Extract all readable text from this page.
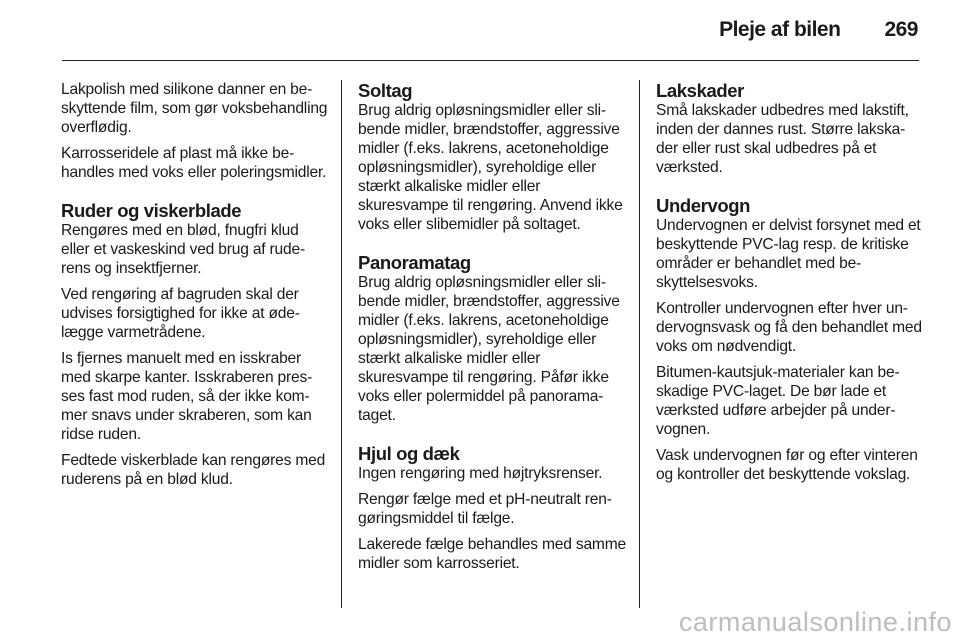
Pleje af bilen 269

Lakpolish med silikone danner en beskyttende film, som gør voksbehandling overflødig.

Karrosseridele af plast må ikke behandles med voks eller poleringsmidler.

Ruder og viskerblade

Rengøres med en blød, fnugfri klud eller et vaskeskind ved brug af ruderens og insektfjerner.

Ved rengøring af bagruden skal der udvises forsigtighed for ikke at ødelægge varmetrådene.

Is fjernes manuelt med en isskraber med skarpe kanter. Isskraberen presses fast mod ruden, så der ikke kommer snavs under skraberen, som kan ridse ruden.

Fedtede viskerblade kan rengøres med ruderens på en blød klud.

Soltag

Brug aldrig opløsningsmidler eller slibende midler, brændstoffer, aggressive midler (f.eks. lakrens, acetoneholdige opløsningsmidler), syreholdige eller stærkt alkaliske midler eller skuresvampe til rengøring. Anvend ikke voks eller slibemidler på soltaget.

Panoramatag

Brug aldrig opløsningsmidler eller slibende midler, brændstoffer, aggressive midler (f.eks. lakrens, acetoneholdige opløsningsmidler), syreholdige eller stærkt alkaliske midler eller skuresvampe til rengøring. Påfør ikke voks eller polermiddel på panoramataget.

Hjul og dæk

Ingen rengøring med højtryksrenser.

Rengør fælge med et pH-neutralt rengøringsmiddel til fælge.

Lakerede fælge behandles med samme midler som karrosseriet.

Lakskader

Små lakskader udbedres med lakstift, inden der dannes rust. Større lakskader eller rust skal udbedres på et værksted.

Undervogn

Undervognen er delvist forsynet med et beskyttende PVC-lag resp. de kritiske områder er behandlet med beskyttelsesvoks.

Kontroller undervognen efter hver undervognsvask og få den behandlet med voks om nødvendigt.

Bitumen-kautsjuk-materialer kan beskadige PVC-laget. De bør lade et værksted udføre arbejder på undervognen.

Vask undervognen før og efter vinteren og kontroller det beskyttende vokslag.

carmanualsonline.info
